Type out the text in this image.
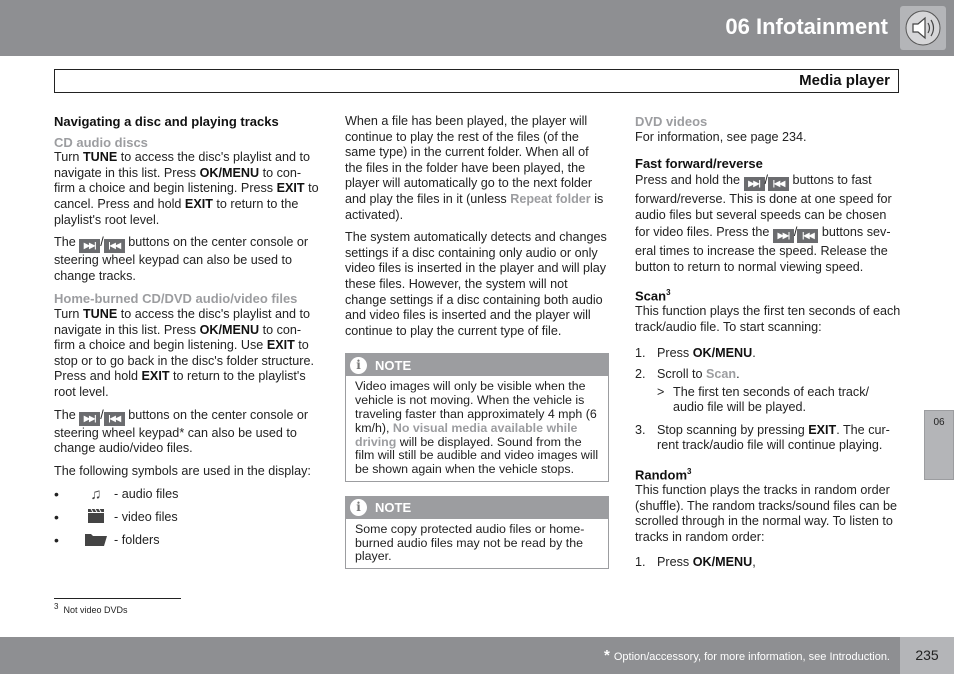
06 Infotainment
Media player
Navigating a disc and playing tracks
CD audio discs

Turn TUNE to access the disc's playlist and to navigate in this list. Press OK/MENU to con-firm a choice and begin listening. Press EXIT to cancel. Press and hold EXIT to return to the playlist's root level.

The ▶▶| / |◀◀ buttons on the center console or steering wheel keypad can also be used to change tracks.

Home-burned CD/DVD audio/video files

Turn TUNE to access the disc's playlist and to navigate in this list. Press OK/MENU to con-firm a choice and begin listening. Use EXIT to stop or to go back in the disc's folder structure. Press and hold EXIT to return to the playlist's root level.

The ▶▶| / |◀◀ buttons on the center console or steering wheel keypad* can also be used to change audio/video files.

The following symbols are used in the display:

•	♫ - audio files
•	- video files
•	- folders

When a file has been played, the player will continue to play the rest of the files (of the same type) in the current folder. When all of the files in the folder have been played, the player will automatically go to the next folder and play the files in it (unless Repeat folder is activated).

The system automatically detects and changes settings if a disc containing only audio or only video files is inserted in the player and will play these files. However, the system will not change settings if a disc containing both audio and video files is inserted and the player will continue to play the current type of file.

i	NOTE
Video images will only be visible when the vehicle is not moving. When the vehicle is traveling faster than approximately 4 mph (6 km/h), No visual media available while driving will be displayed. Sound from the film will still be audible and video images will be shown again when the vehicle stops.
i	NOTE
Some copy protected audio files or home-burned audio files may not be read by the player.
DVD videos

For information, see page 234.

Fast forward/reverse

Press and hold the ▶▶| / |◀◀ buttons to fast forward/reverse. This is done at one speed for audio files but several speeds can be chosen for video files. Press the ▶▶| / |◀◀ buttons sev-eral times to increase the speed. Release the button to return to normal viewing speed.

Scan$^3$

This function plays the first ten seconds of each track/audio file. To start scanning:

1. Press OK/MENU.
2. Scroll to Scan.
> The first ten seconds of each track/ audio file will be played.
3. Stop scanning by pressing EXIT. The cur-rent track/audio file will continue playing.
Random$^3$

This function plays the tracks in random order (shuffle). The random tracks/sound files can be scrolled through in the normal way. To listen to tracks in random order:

1. Press OK/MENU,
$^3$ Not video DVDs
06
* Option/accessory, for more information, see Introduction.	235
